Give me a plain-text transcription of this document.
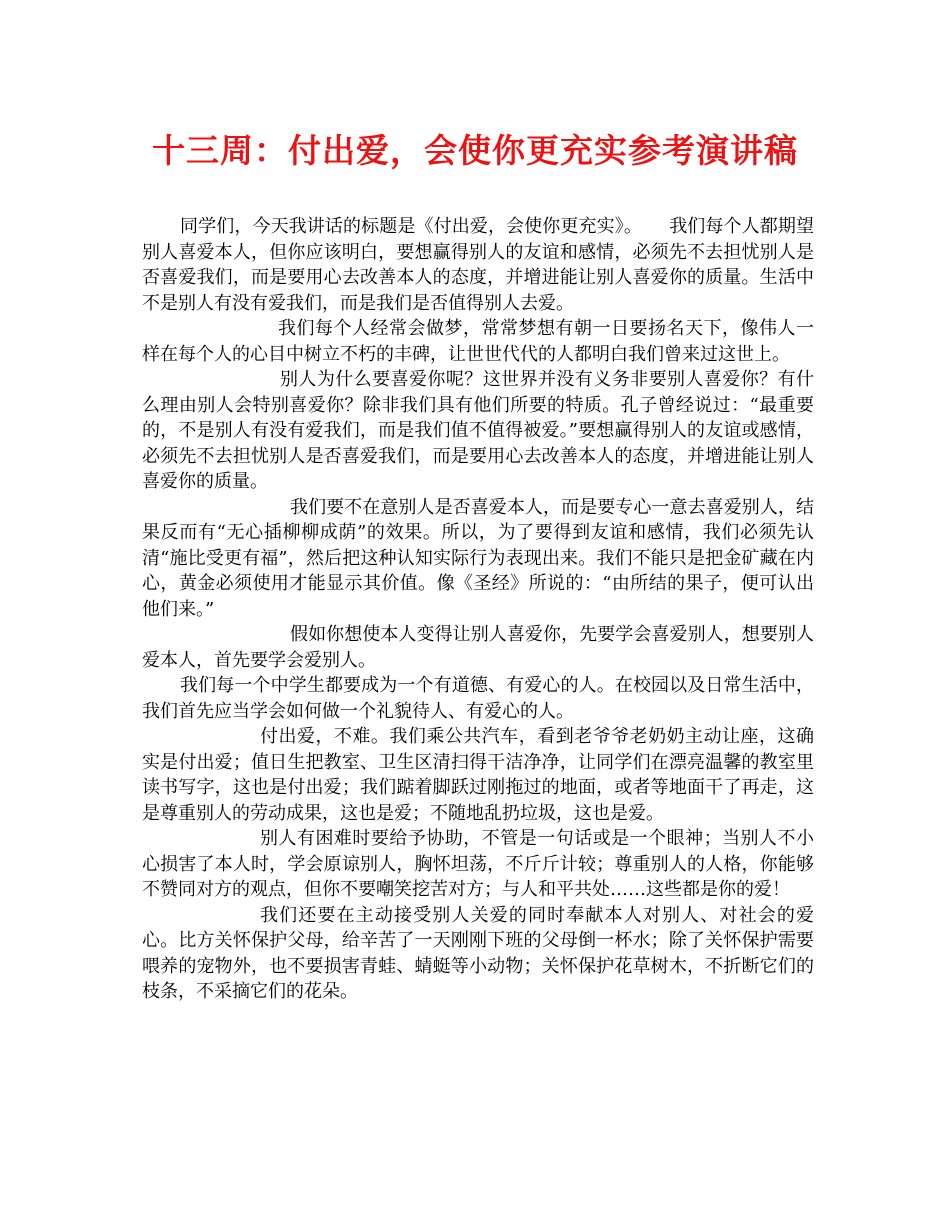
十三周：付出爱，会使你更充实参考演讲稿

同学们，今天我讲话的标题是《付出爱，会使你更充实》。　　我们每个人都期望别人喜爱本人，但你应该明白，要想赢得别人的友谊和感情，必须先不去担忧别人是否喜爱我们，而是要用心去改善本人的态度，并增进能让别人喜爱你的质量。生活中不是别人有没有爱我们，而是我们是否值得别人去爱。

我们每个人经常会做梦，常常梦想有朝一日要扬名天下，像伟人一样在每个人的心目中树立不朽的丰碑，让世世代代的人都明白我们曾来过这世上。

别人为什么要喜爱你呢？这世界并没有义务非要别人喜爱你？有什么理由别人会特别喜爱你？除非我们具有他们所要的特质。孔子曾经说过：“最重要的，不是别人有没有爱我们，而是我们值不值得被爱。”要想赢得别人的友谊或感情，必须先不去担忧别人是否喜爱我们，而是要用心去改善本人的态度，并增进能让别人喜爱你的质量。

我们要不在意别人是否喜爱本人，而是要专心一意去喜爱别人，结果反而有“无心插柳柳成荫”的效果。所以，为了要得到友谊和感情，我们必须先认清“施比受更有福”，然后把这种认知实际行为表现出来。我们不能只是把金矿藏在内心，黄金必须使用才能显示其价值。像《圣经》所说的：“由所结的果子，便可认出他们来。”

假如你想使本人变得让别人喜爱你，先要学会喜爱别人，想要别人爱本人，首先要学会爱别人。

我们每一个中学生都要成为一个有道德、有爱心的人。在校园以及日常生活中，我们首先应当学会如何做一个礼貌待人、有爱心的人。

付出爱，不难。我们乘公共汽车，看到老爷爷老奶奶主动让座，这确实是付出爱；值日生把教室、卫生区清扫得干洁净净，让同学们在漂亮温馨的教室里读书写字，这也是付出爱；我们踮着脚跃过刚拖过的地面，或者等地面干了再走，这是尊重别人的劳动成果，这也是爱；不随地乱扔垃圾，这也是爱。

别人有困难时要给予协助，不管是一句话或是一个眼神；当别人不小心损害了本人时，学会原谅别人，胸怀坦荡，不斤斤计较；尊重别人的人格，你能够不赞同对方的观点，但你不要嘲笑挖苦对方；与人和平共处……这些都是你的爱！

我们还要在主动接受别人关爱的同时奉献本人对别人、对社会的爱心。比方关怀保护父母，给辛苦了一天刚刚下班的父母倒一杯水；除了关怀保护需要喂养的宠物外，也不要损害青蛙、蜻蜓等小动物；关怀保护花草树木，不折断它们的枝条，不采摘它们的花朵。
